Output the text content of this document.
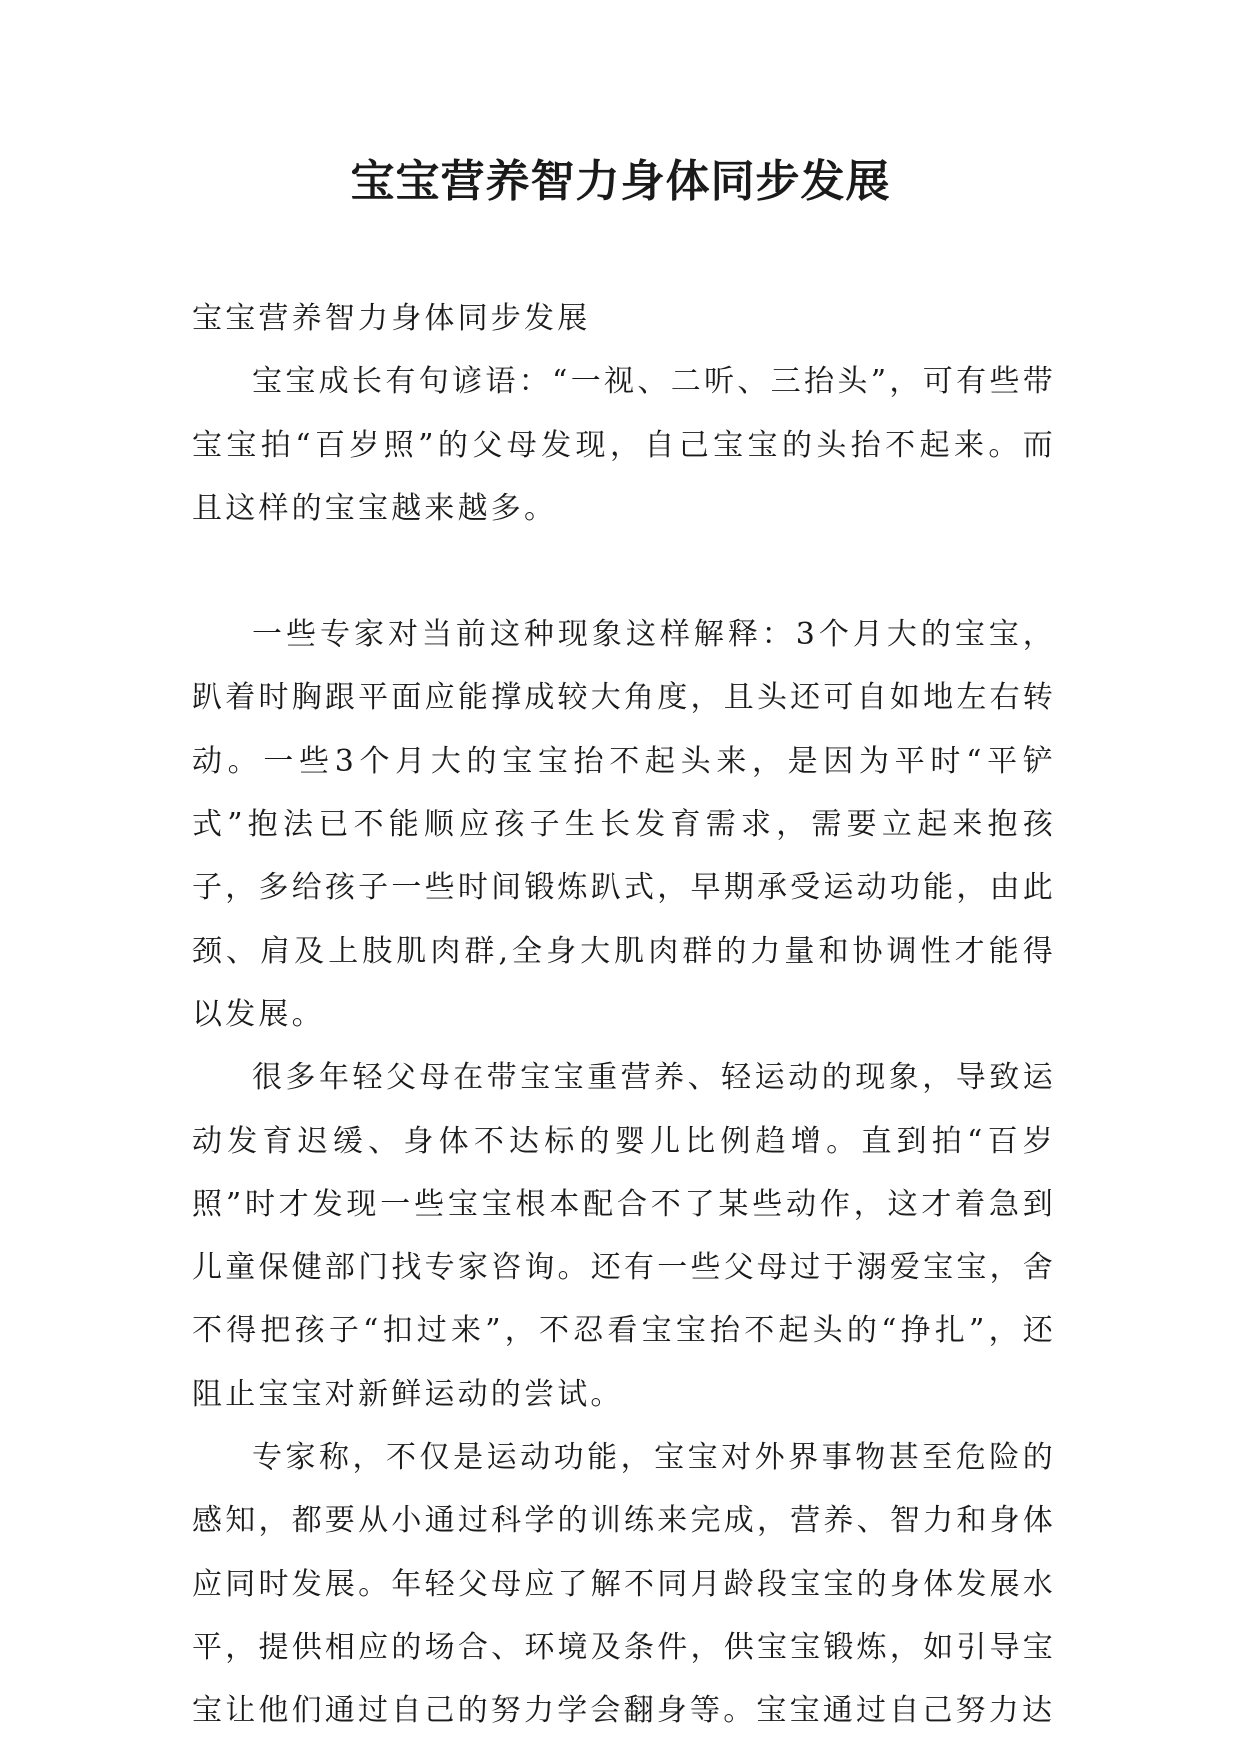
宝宝营养智力身体同步发展

宝宝营养智力身体同步发展

宝宝成长有句谚语：“一视、二听、三抬头”，可有些带宝宝拍“百岁照”的父母发现，自己宝宝的头抬不起来。而且这样的宝宝越来越多。

一些专家对当前这种现象这样解释：3个月大的宝宝，趴着时胸跟平面应能撑成较大角度，且头还可自如地左右转动。一些3个月大的宝宝抬不起头来，是因为平时“平铲式”抱法已不能顺应孩子生长发育需求，需要立起来抱孩子，多给孩子一些时间锻炼趴式，早期承受运动功能，由此颈、肩及上肢肌肉群,全身大肌肉群的力量和协调性才能得以发展。

很多年轻父母在带宝宝重营养、轻运动的现象，导致运动发育迟缓、身体不达标的婴儿比例趋增。直到拍“百岁照”时才发现一些宝宝根本配合不了某些动作，这才着急到儿童保健部门找专家咨询。还有一些父母过于溺爱宝宝，舍不得把孩子“扣过来”，不忍看宝宝抬不起头的“挣扎”，还阻止宝宝对新鲜运动的尝试。

专家称，不仅是运动功能，宝宝对外界事物甚至危险的感知，都要从小通过科学的训练来完成，营养、智力和身体应同时发展。年轻父母应了解不同月龄段宝宝的身体发展水平，提供相应的场合、环境及条件，供宝宝锻炼，如引导宝宝让他们通过自己的努力学会翻身等。宝宝通过自己努力达
